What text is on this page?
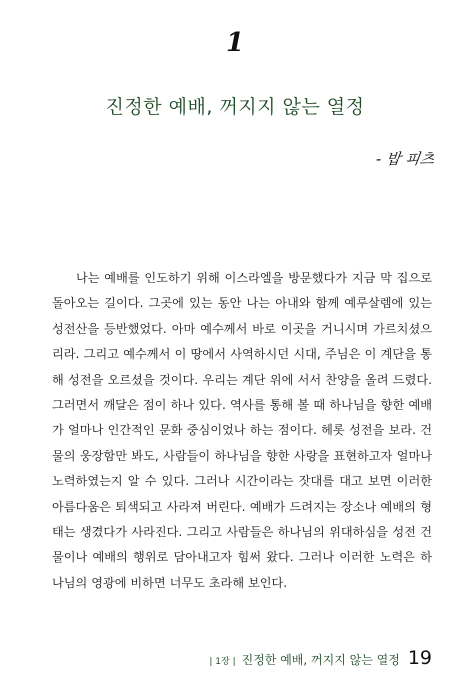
1
진정한 예배, 꺼지지 않는 열정
- 밥 피츠
나는 예배를 인도하기 위해 이스라엘을 방문했다가 지금 막 집으로
돌아오는 길이다. 그곳에 있는 동안 나는 아내와 함께 예루살렘에 있는
성전산을 등반했었다. 아마 예수께서 바로 이곳을 거니시며 가르치셨으
리라. 그리고 예수께서 이 땅에서 사역하시던 시대, 주님은 이 계단을 통
해 성전을 오르셨을 것이다. 우리는 계단 위에 서서 찬양을 올려 드렸다.
그러면서 깨달은 점이 하나 있다. 역사를 통해 볼 때 하나님을 향한 예배
가 얼마나 인간적인 문화 중심이었나 하는 점이다. 헤롯 성전을 보라. 건
물의 웅장함만 봐도, 사람들이 하나님을 향한 사랑을 표현하고자 얼마나
노력하였는지 알 수 있다. 그러나 시간이라는 잣대를 대고 보면 이러한
아름다움은 퇴색되고 사라져 버린다. 예배가 드려지는 장소나 예배의 형
태는 생겼다가 사라진다. 그리고 사람들은 하나님의 위대하심을 성전 건
물이나 예배의 행위로 담아내고자 힘써 왔다. 그러나 이러한 노력은 하
나님의 영광에 비하면 너무도 초라해 보인다.
| 1장 | 진정한 예배, 꺼지지 않는 열정 19
